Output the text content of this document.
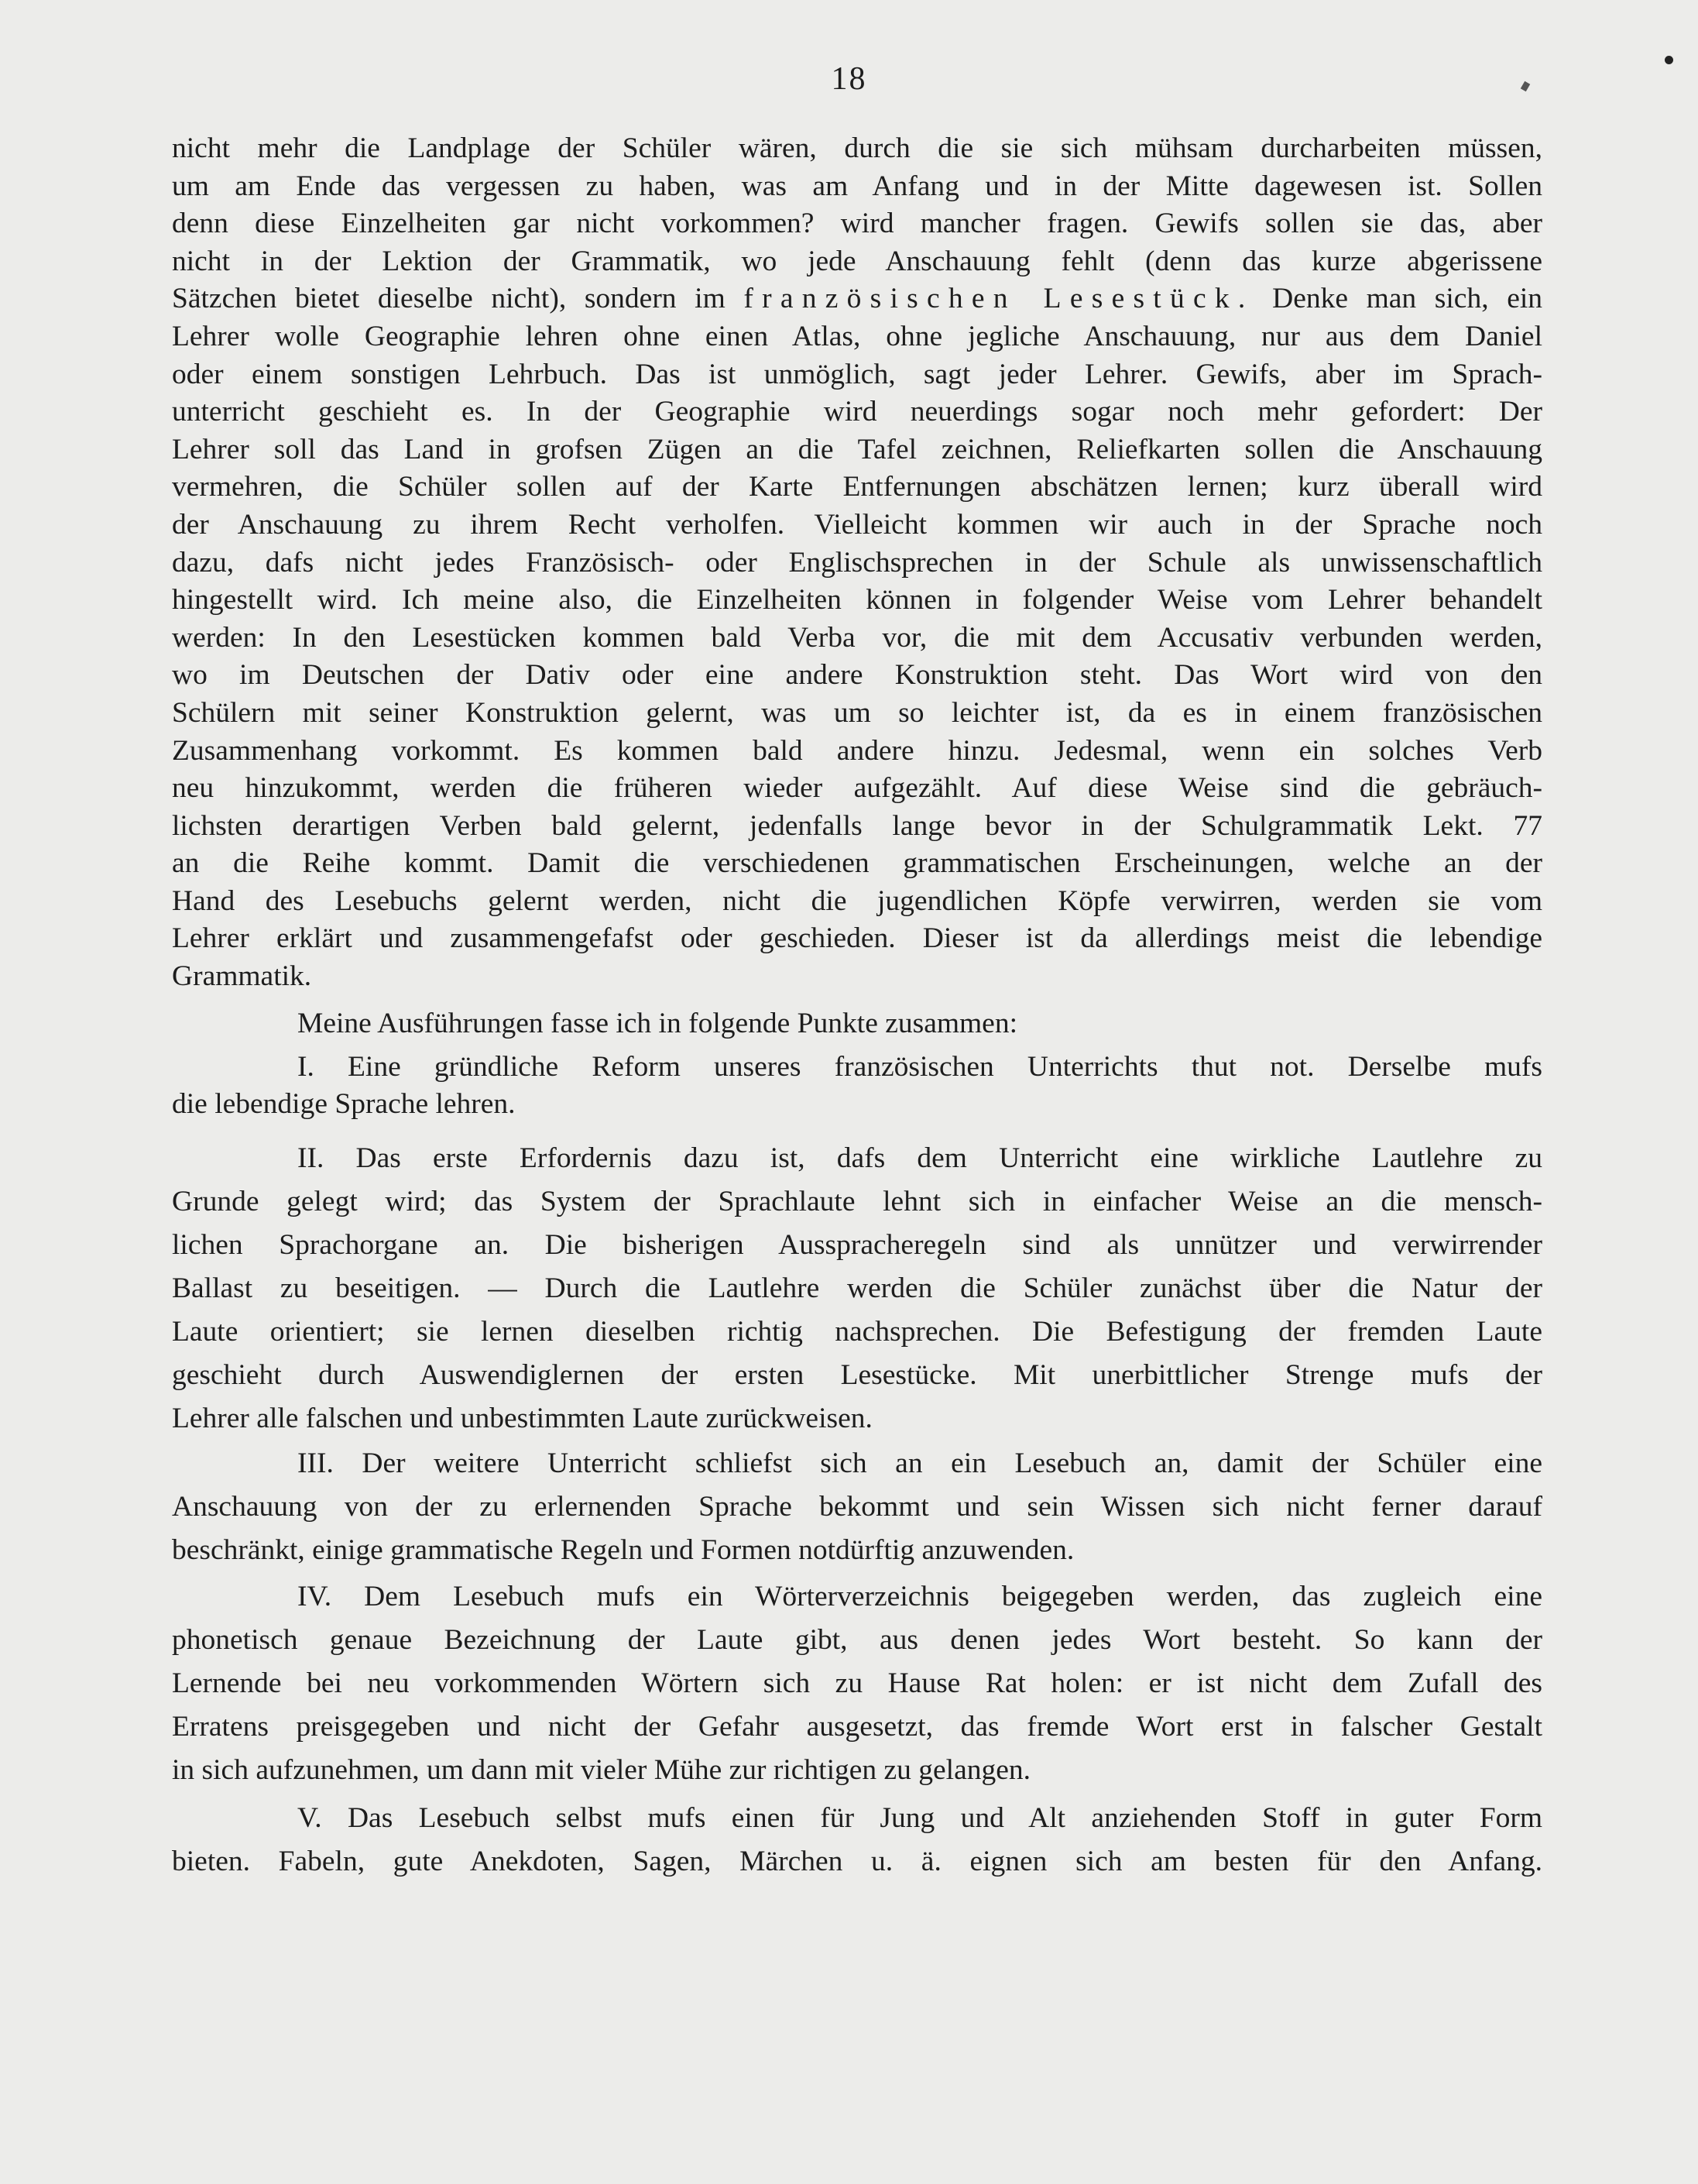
18
nicht mehr die Landplage der Schüler wären, durch die sie sich mühsam durcharbeiten müssen,
um am Ende das vergessen zu haben, was am Anfang und in der Mitte dagewesen ist. Sollen
denn diese Einzelheiten gar nicht vorkommen? wird mancher fragen. Gewifs sollen sie das, aber
nicht in der Lektion der Grammatik, wo jede Anschauung fehlt (denn das kurze abgerissene
Sätzchen bietet dieselbe nicht), sondern im französischen Lesestück. Denke man sich, ein
Lehrer wolle Geographie lehren ohne einen Atlas, ohne jegliche Anschauung, nur aus dem Daniel
oder einem sonstigen Lehrbuch. Das ist unmöglich, sagt jeder Lehrer. Gewifs, aber im Sprach-
unterricht geschieht es. In der Geographie wird neuerdings sogar noch mehr gefordert: Der
Lehrer soll das Land in grofsen Zügen an die Tafel zeichnen, Reliefkarten sollen die Anschauung
vermehren, die Schüler sollen auf der Karte Entfernungen abschätzen lernen; kurz überall wird
der Anschauung zu ihrem Recht verholfen. Vielleicht kommen wir auch in der Sprache noch
dazu, dafs nicht jedes Französisch- oder Englischsprechen in der Schule als unwissenschaftlich
hingestellt wird. Ich meine also, die Einzelheiten können in folgender Weise vom Lehrer behandelt
werden: In den Lesestücken kommen bald Verba vor, die mit dem Accusativ verbunden werden,
wo im Deutschen der Dativ oder eine andere Konstruktion steht. Das Wort wird von den
Schülern mit seiner Konstruktion gelernt, was um so leichter ist, da es in einem französischen
Zusammenhang vorkommt. Es kommen bald andere hinzu. Jedesmal, wenn ein solches Verb
neu hinzukommt, werden die früheren wieder aufgezählt. Auf diese Weise sind die gebräuch-
lichsten derartigen Verben bald gelernt, jedenfalls lange bevor in der Schulgrammatik Lekt. 77
an die Reihe kommt. Damit die verschiedenen grammatischen Erscheinungen, welche an der
Hand des Lesebuchs gelernt werden, nicht die jugendlichen Köpfe verwirren, werden sie vom
Lehrer erklärt und zusammengefafst oder geschieden. Dieser ist da allerdings meist die lebendige
Grammatik.
Meine Ausführungen fasse ich in folgende Punkte zusammen:
I. Eine gründliche Reform unseres französischen Unterrichts thut not. Derselbe mufs
die lebendige Sprache lehren.
II. Das erste Erfordernis dazu ist, dafs dem Unterricht eine wirkliche Lautlehre zu
Grunde gelegt wird; das System der Sprachlaute lehnt sich in einfacher Weise an die mensch-
lichen Sprachorgane an. Die bisherigen Ausspracheregeln sind als unnützer und verwirrender
Ballast zu beseitigen. — Durch die Lautlehre werden die Schüler zunächst über die Natur der
Laute orientiert; sie lernen dieselben richtig nachsprechen. Die Befestigung der fremden Laute
geschieht durch Auswendiglernen der ersten Lesestücke. Mit unerbittlicher Strenge mufs der
Lehrer alle falschen und unbestimmten Laute zurückweisen.
III. Der weitere Unterricht schliefst sich an ein Lesebuch an, damit der Schüler eine
Anschauung von der zu erlernenden Sprache bekommt und sein Wissen sich nicht ferner darauf
beschränkt, einige grammatische Regeln und Formen notdürftig anzuwenden.
IV. Dem Lesebuch mufs ein Wörterverzeichnis beigegeben werden, das zugleich eine
phonetisch genaue Bezeichnung der Laute gibt, aus denen jedes Wort besteht. So kann der
Lernende bei neu vorkommenden Wörtern sich zu Hause Rat holen: er ist nicht dem Zufall des
Erratens preisgegeben und nicht der Gefahr ausgesetzt, das fremde Wort erst in falscher Gestalt
in sich aufzunehmen, um dann mit vieler Mühe zur richtigen zu gelangen.
V. Das Lesebuch selbst mufs einen für Jung und Alt anziehenden Stoff in guter Form
bieten. Fabeln, gute Anekdoten, Sagen, Märchen u. ä. eignen sich am besten für den Anfang.
